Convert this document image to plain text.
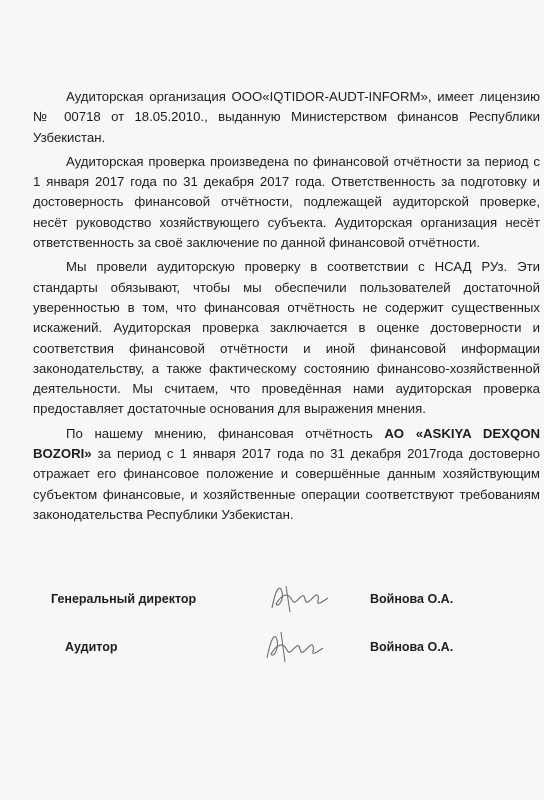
Аудиторская организация ООО«IQTIDOR-AUDT-INFORM», имеет лицензию № 00718 от 18.05.2010., выданную Министерством финансов Республики Узбекистан.

Аудиторская проверка произведена по финансовой отчётности за период с 1 января 2017 года по 31 декабря 2017 года. Ответственность за подготовку и достоверность финансовой отчётности, подлежащей аудиторской проверке, несёт руководство хозяйствующего субъекта. Аудиторская организация несёт ответственность за своё заключение по данной финансовой отчётности.

Мы провели аудиторскую проверку в соответствии с НСАД РУз. Эти стандарты обязывают, чтобы мы обеспечили пользователей достаточной уверенностью в том, что финансовая отчётность не содержит существенных искажений. Аудиторская проверка заключается в оценке достоверности и соответствия финансовой отчётности и иной финансовой информации законодательству, а также фактическому состоянию финансово-хозяйственной деятельности. Мы считаем, что проведённая нами аудиторская проверка предоставляет достаточные основания для выражения мнения.

По нашему мнению, финансовая отчётность АО «ASKIYA DEXQON BOZORI» за период с 1 января 2017 года по 31 декабря 2017года достоверно отражает его финансовое положение и совершённые данным хозяйствующим субъектом финансовые, и хозяйственные операции соответствуют требованиям законодательства Республики Узбекистан.

Генеральный директор	Войнова О.А.
Аудитор	Войнова О.А.
